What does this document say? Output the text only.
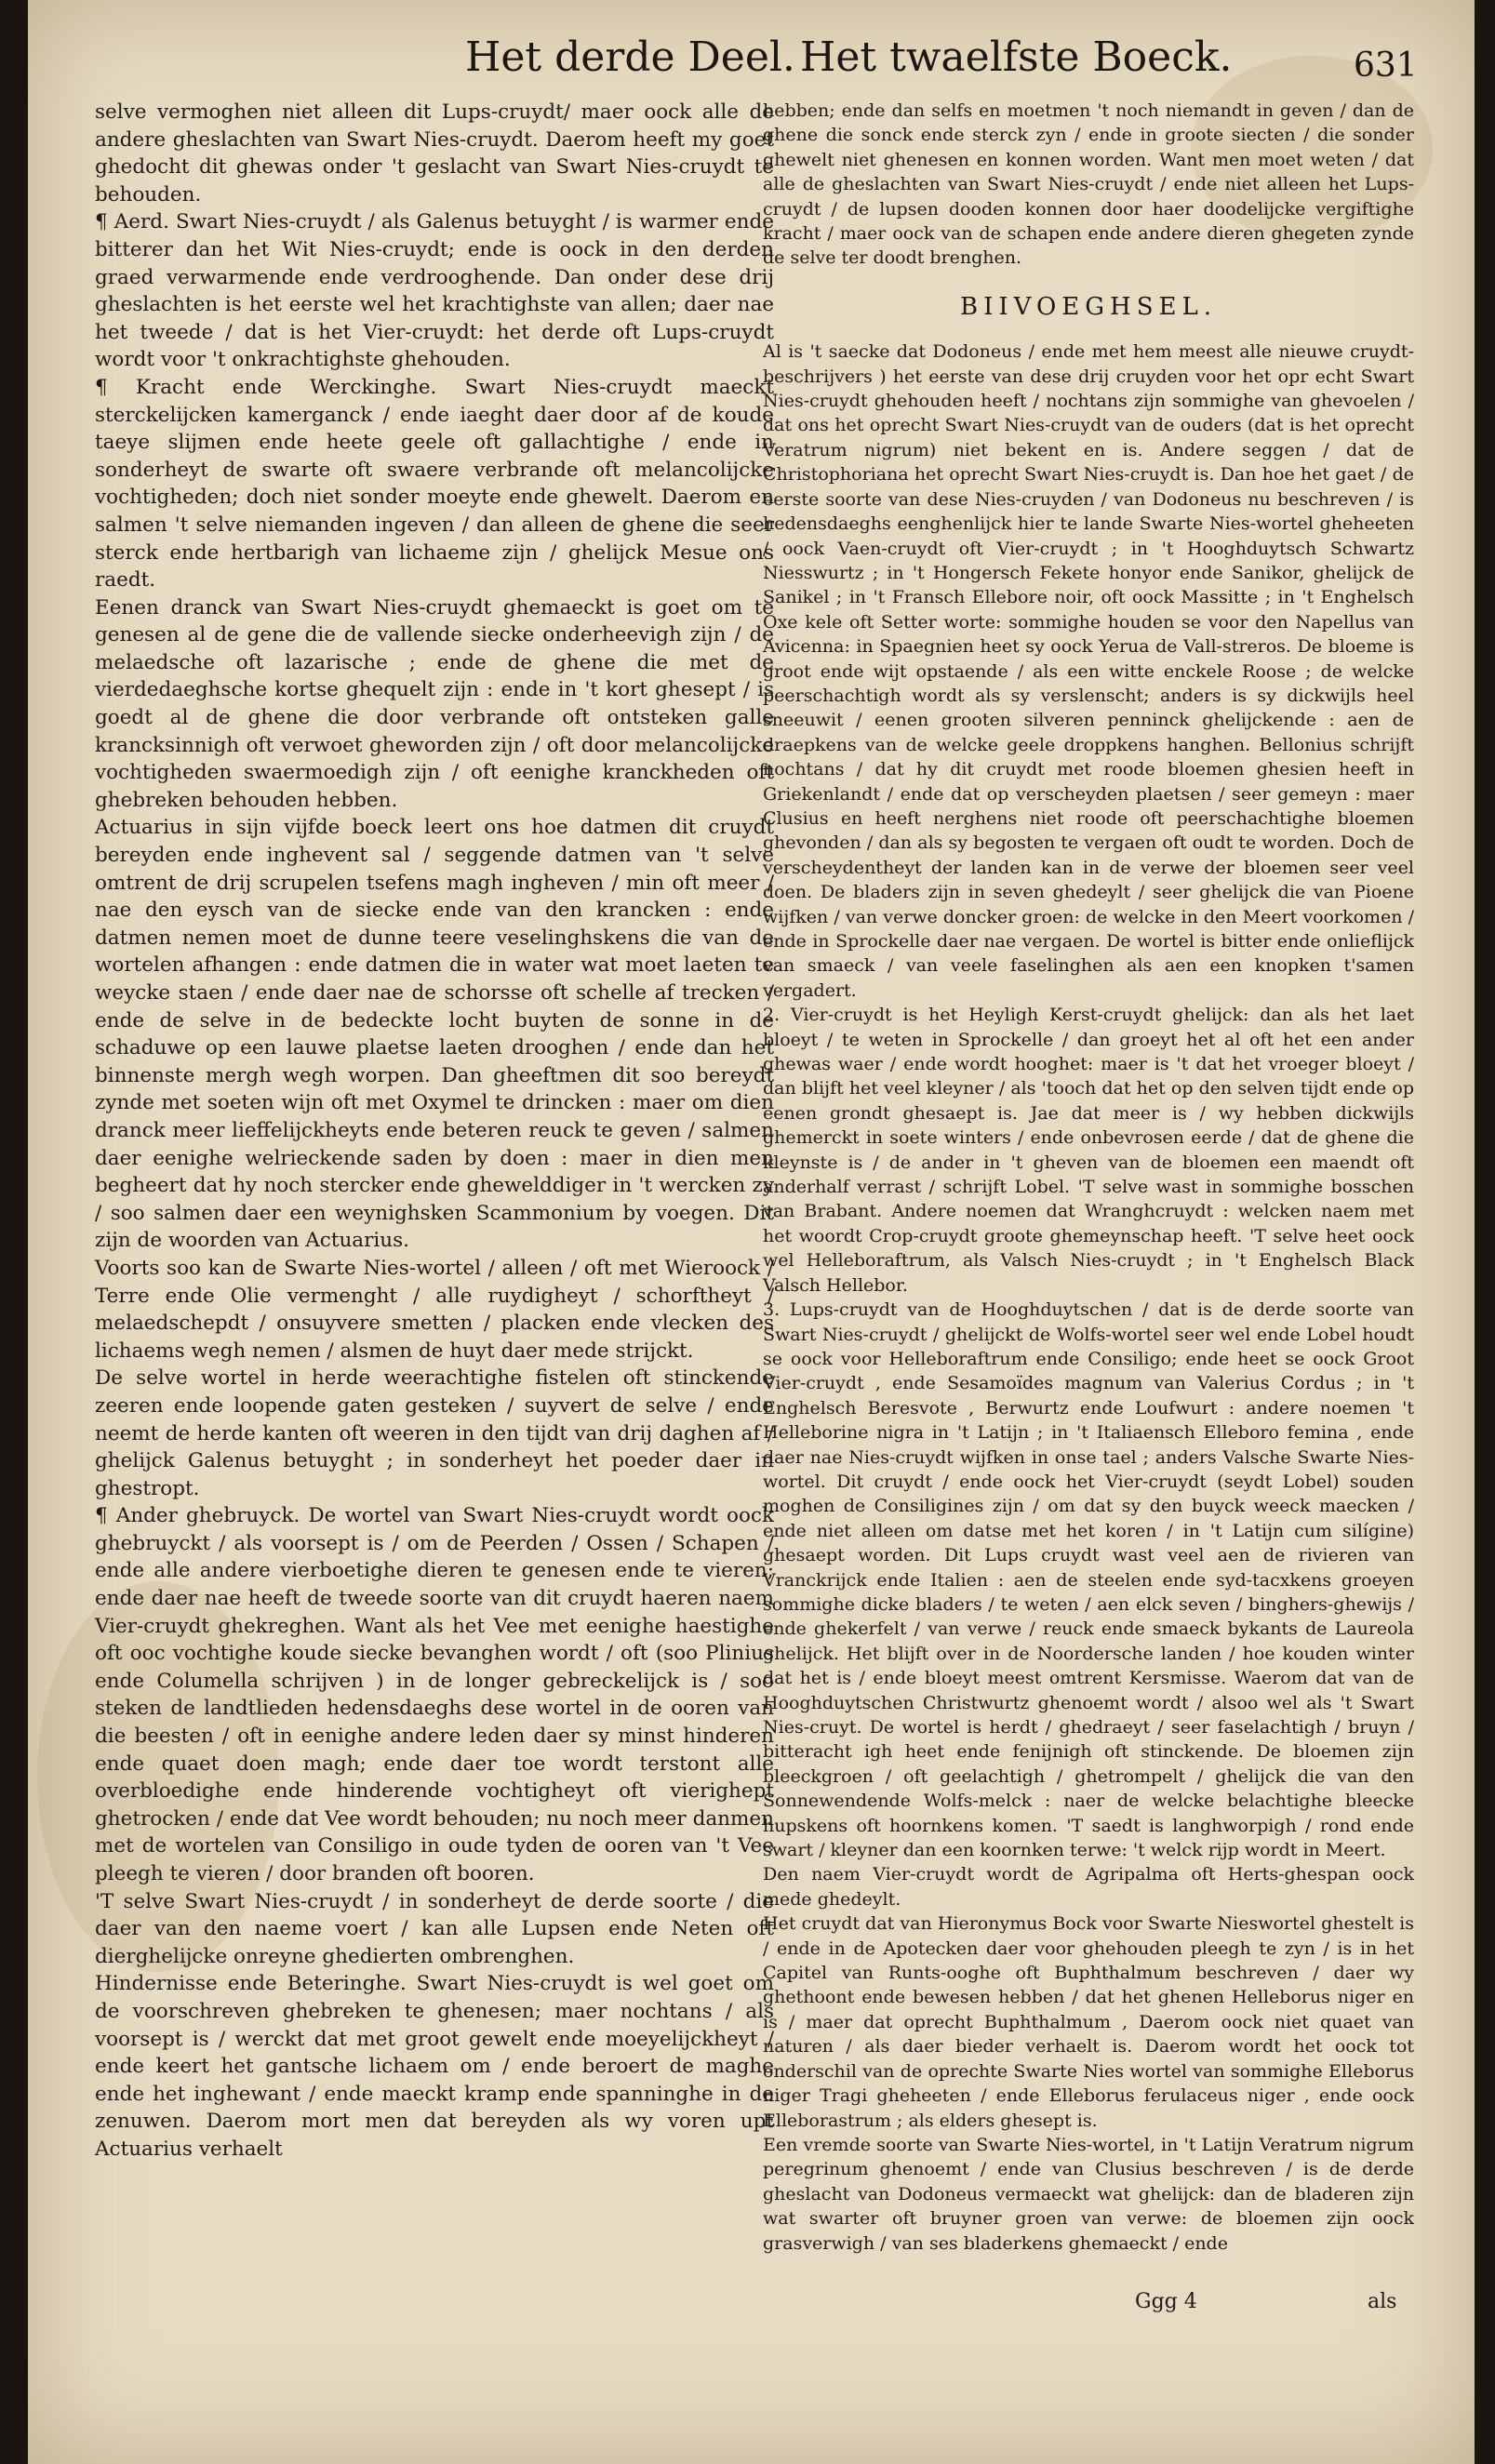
Het derde Deel. Het twaelfste Boeck.	631

selve vermoghen niet alleen dit Lups-cruydt/ maer oock alle de andere gheslachten van Swart Nies-cruydt. Daerom heeft my goet ghedocht dit ghewas onder 't geslacht van Swart Nies-cruydt te behouden.

¶ Aerd. Swart Nies-cruydt / als Galenus betuyght / is warmer ende bitterer dan het Wit Nies-cruydt; ende is oock in den derden graed verwarmende ende verdrooghende. Dan onder dese drij gheslachten is het eerste wel het krachtighste van allen; daer nae het tweede / dat is het Vier-cruydt: het derde oft Lups-cruydt wordt voor 't onkrachtighste ghehouden.

¶ Kracht ende Werckinghe. Swart Nies-cruydt maeckt sterckelijcken kamerganck / ende iaeght daer door af de koude taeye slijmen ende heete geele oft gallachtighe / ende in sonderheyt de swarte oft swaere verbrande oft melancolijcke vochtigheden; doch niet sonder moeyte ende ghewelt. Daerom en salmen 't selve niemanden ingeven / dan alleen de ghene die seer sterck ende hertbarigh van lichaeme zijn / ghelijck Mesue ons raedt.

Eenen dranck van Swart Nies-cruydt ghemaeckt is goet om te genesen al de gene die de vallende siecke onderheevigh zijn / de melaedsche oft lazarische ; ende de ghene die met de vierdedaeghsche kortse ghequelt zijn : ende in 't kort ghesept / is goedt al de ghene die door verbrande oft ontsteken galle krancksinnigh oft verwoet gheworden zijn / oft door melancolijcke vochtigheden swaermoedigh zijn / oft eenighe kranckheden oft ghebreken behouden hebben.

Actuarius in sijn vijfde boeck leert ons hoe datmen dit cruydt bereyden ende inghevent sal / seggende datmen van 't selve omtrent de drij scrupelen tsefens magh ingheven / min oft meer / nae den eysch van de siecke ende van den krancken : ende datmen nemen moet de dunne teere veselinghskens die van de wortelen afhangen : ende datmen die in water wat moet laeten te weycke staen / ende daer nae de schorsse oft schelle af trecken / ende de selve in de bedeckte locht buyten de sonne in de schaduwe op een lauwe plaetse laeten drooghen / ende dan het binnenste mergh wegh worpen. Dan gheeftmen dit soo bereydt zynde met soeten wijn oft met Oxymel te drincken : maer om dien dranck meer lieffelijckheyts ende beteren reuck te geven / salmen daer eenighe welrieckende saden by doen : maer in dien men begheert dat hy noch stercker ende ghewelddiger in 't wercken zy / soo salmen daer een weynighsken Scammonium by voegen. Dit zijn de woorden van Actuarius.

Voorts soo kan de Swarte Nies-wortel / alleen / oft met Wieroock / Terre ende Olie vermenght / alle ruydigheyt / schorftheyt / melaedschepdt / onsuyvere smetten / placken ende vlecken des lichaems wegh nemen / alsmen de huyt daer mede strijckt.

De selve wortel in herde weerachtighe fistelen oft stinckende zeeren ende loopende gaten gesteken / suyvert de selve / ende neemt de herde kanten oft weeren in den tijdt van drij daghen af / ghelijck Galenus betuyght ; in sonderheyt het poeder daer in ghestropt.

¶ Ander ghebruyck. De wortel van Swart Nies-cruydt wordt oock ghebruyckt / als voorsept is / om de Peerden / Ossen / Schapen / ende alle andere vierboetighe dieren te genesen ende te vieren; ende daer nae heeft de tweede soorte van dit cruydt haeren naem Vier-cruydt ghekreghen. Want als het Vee met eenighe haestighe oft ooc vochtighe koude siecke bevanghen wordt / oft (soo Plinius ende Columella schrijven ) in de longer gebreckelijck is / soo steken de landtlieden hedensdaeghs dese wortel in de ooren van die beesten / oft in eenighe andere leden daer sy minst hinderen ende quaet doen magh; ende daer toe wordt terstont alle overbloedighe ende hinderende vochtigheyt oft vierighept ghetrocken / ende dat Vee wordt behouden; nu noch meer danmen met de wortelen van Consiligo in oude tyden de ooren van 't Vee pleegh te vieren / door branden oft booren.

'T selve Swart Nies-cruydt / in sonderheyt de derde soorte / die daer van den naeme voert / kan alle Lupsen ende Neten oft dierghelijcke onreyne ghedierten ombrenghen.

Hindernisse ende Beteringhe. Swart Nies-cruydt is wel goet om de voorschreven ghebreken te ghenesen; maer nochtans / als voorsept is / werckt dat met groot gewelt ende moeyelijckheyt / ende keert het gantsche lichaem om / ende beroert de maghe ende het inghewant / ende maeckt kramp ende spanninghe in de zenuwen. Daerom mort men dat bereyden als wy voren upt Actuarius verhaelt

hebben; ende dan selfs en moetmen 't noch niemandt in geven / dan de ghene die sonck ende sterck zyn / ende in groote siecten / die sonder ghewelt niet ghenesen en konnen worden. Want men moet weten / dat alle de gheslachten van Swart Nies-cruydt / ende niet alleen het Lups-cruydt / de lupsen dooden konnen door haer doodelijcke vergiftighe kracht / maer oock van de schapen ende andere dieren ghegeten zynde de selve ter doodt brenghen.

BIIVOEGHSEL.

Al is 't saecke dat Dodoneus / ende met hem meest alle nieuwe cruydt-beschrijvers ) het eerste van dese drij cruyden voor het opr echt Swart Nies-cruydt ghehouden heeft / nochtans zijn sommighe van ghevoelen / dat ons het oprecht Swart Nies-cruydt van de ouders (dat is het oprecht Veratrum nigrum) niet bekent en is. Andere seggen / dat de Christophoriana het oprecht Swart Nies-cruydt is. Dan hoe het gaet / de eerste soorte van dese Nies-cruyden / van Dodoneus nu beschreven / is hedensdaeghs eenghenlijck hier te lande Swarte Nies-wortel gheheeten / oock Vaen-cruydt oft Vier-cruydt ; in 't Hooghduytsch Schwartz Niesswurtz ; in 't Hongersch Fekete honyor ende Sanikor, ghelijck de Sanikel ; in 't Fransch Ellebore noir, oft oock Massitte ; in 't Enghelsch Oxe kele oft Setter worte: sommighe houden se voor den Napellus van Avicenna: in Spaegnien heet sy oock Yerua de Vall-streros. De bloeme is groot ende wijt opstaende / als een witte enckele Roose ; de welcke peerschachtigh wordt als sy verslenscht; anders is sy dickwijls heel sneeuwit / eenen grooten silveren penninck ghelijckende : aen de draepkens van de welcke geele droppkens hanghen. Bellonius schrijft nochtans / dat hy dit cruydt met roode bloemen ghesien heeft in Griekenlandt / ende dat op verscheyden plaetsen / seer gemeyn : maer Clusius en heeft nerghens niet roode oft peerschachtighe bloemen ghevonden / dan als sy begosten te vergaen oft oudt te worden. Doch de verscheydentheyt der landen kan in de verwe der bloemen seer veel doen. De bladers zijn in seven ghedeylt / seer ghelijck die van Pioene wijfken / van verwe doncker groen: de welcke in den Meert voorkomen / ende in Sprockelle daer nae vergaen. De wortel is bitter ende onlieflijck van smaeck / van veele faselinghen als aen een knopken t'samen vergadert.

2. Vier-cruydt is het Heyligh Kerst-cruydt ghelijck: dan als het laet bloeyt / te weten in Sprockelle / dan groeyt het al oft het een ander ghewas waer / ende wordt hooghet: maer is 't dat het vroeger bloeyt / dan blijft het veel kleyner / als 'tooch dat het op den selven tijdt ende op eenen grondt ghesaept is. Jae dat meer is / wy hebben dickwijls ghemerckt in soete winters / ende onbevrosen eerde / dat de ghene die kleynste is / de ander in 't gheven van de bloemen een maendt oft anderhalf verrast / schrijft Lobel. 'T selve wast in sommighe bosschen van Brabant. Andere noemen dat Wranghcruydt : welcken naem met het woordt Crop-cruydt groote ghemeynschap heeft. 'T selve heet oock wel Helleboraftrum, als Valsch Nies-cruydt ; in 't Enghelsch Black Valsch Hellebor.

3. Lups-cruydt van de Hooghduytschen / dat is de derde soorte van Swart Nies-cruydt / ghelijckt de Wolfs-wortel seer wel ende Lobel houdt se oock voor Helleboraftrum ende Consiligo; ende heet se oock Groot Vier-cruydt , ende Sesamoïdes magnum van Valerius Cordus ; in 't Enghelsch Beresvote , Berwurtz ende Loufwurt : andere noemen 't Helleborine nigra in 't Latijn ; in 't Italiaensch Elleboro femina , ende daer nae Nies-cruydt wijfken in onse tael ; anders Valsche Swarte Nies-wortel. Dit cruydt / ende oock het Vier-cruydt (seydt Lobel) souden moghen de Consiligines zijn / om dat sy den buyck weeck maecken / ende niet alleen om datse met het koren / in 't Latijn cum silígine) ghesaept worden. Dit Lups cruydt wast veel aen de rivieren van Vranckrijck ende Italien : aen de steelen ende syd-tacxkens groeyen sommighe dicke bladers / te weten / aen elck seven / binghers-ghewijs / ende ghekerfelt / van verwe / reuck ende smaeck bykants de Laureola ghelijck. Het blijft over in de Noordersche landen / hoe kouden winter dat het is / ende bloeyt meest omtrent Kersmisse. Waerom dat van de Hooghduytschen Christwurtz ghenoemt wordt / alsoo wel als 't Swart Nies-cruyt. De wortel is herdt / ghedraeyt / seer faselachtigh / bruyn / bitteracht igh heet ende fenijnigh oft stinckende. De bloemen zijn bleeckgroen / oft geelachtigh / ghetrompelt / ghelijck die van den Sonnewendende Wolfs-melck : naer de welcke belachtighe bleecke hupskens oft hoornkens komen. 'T saedt is langhworpigh / rond ende swart / kleyner dan een koornken terwe: 't welck rijp wordt in Meert.

Den naem Vier-cruydt wordt de Agripalma oft Herts-ghespan oock mede ghedeylt.

Het cruydt dat van Hieronymus Bock voor Swarte Nieswortel ghestelt is / ende in de Apotecken daer voor ghehouden pleegh te zyn / is in het Capitel van Runts-ooghe oft Buphthalmum beschreven / daer wy ghethoont ende bewesen hebben / dat het ghenen Helleborus niger en is / maer dat oprecht Buphthalmum , Daerom oock niet quaet van naturen / als daer bieder verhaelt is. Daerom wordt het oock tot onderschil van de oprechte Swarte Nies wortel van sommighe Elleborus niger Tragi gheheeten / ende Elleborus ferulaceus niger , ende oock Elleborastrum ; als elders ghesept is.

Een vremde soorte van Swarte Nies-wortel, in 't Latijn Veratrum nigrum peregrinum ghenoemt / ende van Clusius beschreven / is de derde gheslacht van Dodoneus vermaeckt wat ghelijck: dan de bladeren zijn wat swarter oft bruyner groen van verwe: de bloemen zijn oock grasverwigh / van ses bladerkens ghemaeckt / ende

Ggg 4	als
